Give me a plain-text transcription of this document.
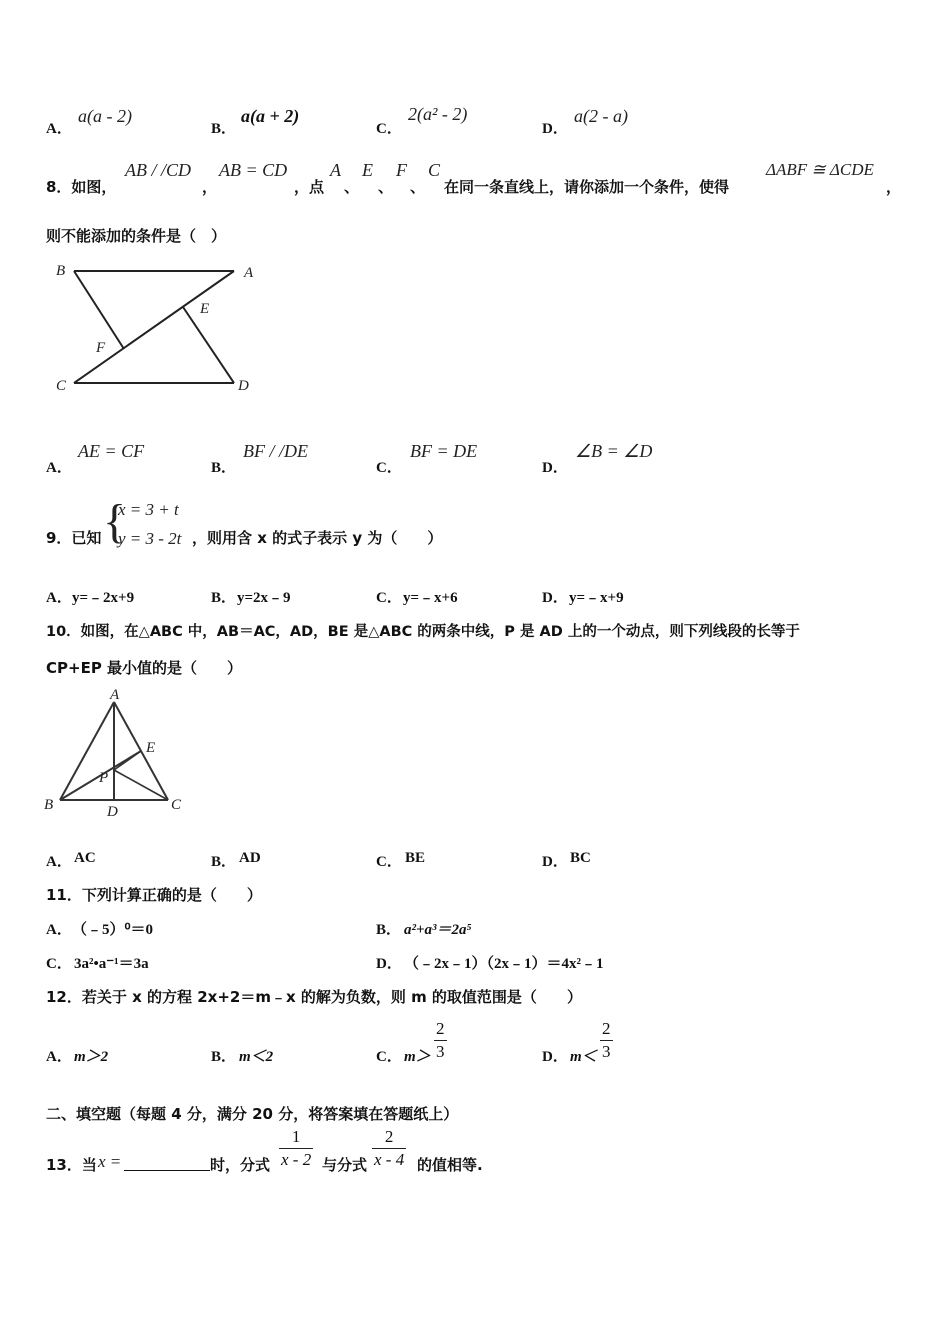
A．
a(a - 2)
B．
a(a + 2)
C．
2(a² - 2)
D．
a(2 - a)
8．如图，
AB / /CD
，
AB = CD
，点
A
、
E
、
F
、
C
在同一条直线上，请你添加一个条件，使得
ΔABF ≅ ΔCDE
，
则不能添加的条件是（　）
B	A
E
F
C	D
A．
AE = CF
B．
BF / /DE
C．
BF = DE
D．
∠B = ∠D
9．已知 {
x = 3 + t
y = 3 - 2t ，则用含 x 的式子表示 y 为（　　）
A． y=﹣2x+9	B． y=2x﹣9	C． y=﹣x+6	D． y=﹣x+9
10．如图，在△ABC 中，AB＝AC，AD，BE 是△ABC 的两条中线，P 是 AD 上的一个动点，则下列线段的长等于
CP+EP 最小值的是（　　）
A
E
P
B	D	C
A． AC	B． AD	C． BE	D． BC
11．下列计算正确的是（　　）
A． （﹣5）⁰＝0	B． a²+a³＝2a⁵
C． 3a²•a⁻¹＝3a	D． （﹣2x﹣1）（2x﹣1）＝4x²﹣1
12．若关于 x 的方程 2x+2＝m﹣x 的解为负数，则 m 的取值范围是（　　）
A． m＞2	B． m＜2	C． $m> \frac{2}{3}$	D． $m< \frac{2}{3}$
二、填空题（每题 4 分，满分 20 分，将答案填在答题纸上）
13．当 x =	时，分式 $\frac{1}{x - 2}$ 与分式 $\frac{2}{x - 4}$ 的值相等.
